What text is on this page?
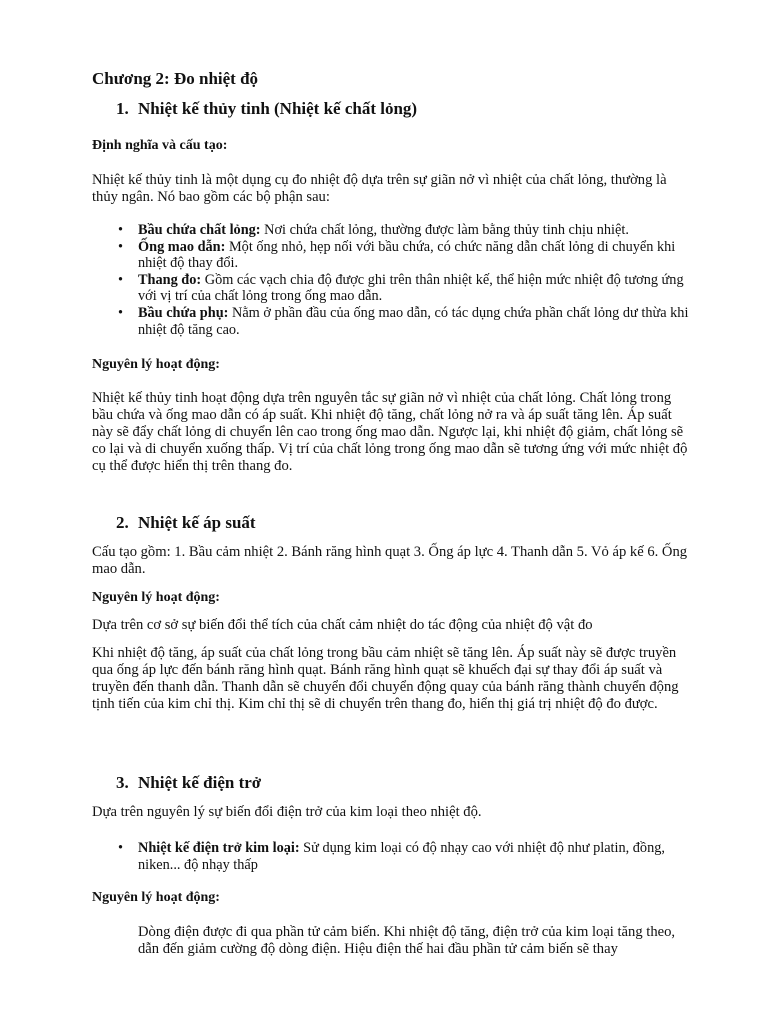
Chương 2: Đo nhiệt độ
1. Nhiệt kế thủy tinh (Nhiệt kế chất lỏng)

Định nghĩa và cấu tạo:

Nhiệt kế thủy tinh là một dụng cụ đo nhiệt độ dựa trên sự giãn nở vì nhiệt của chất lỏng, thường là thủy ngân. Nó bao gồm các bộ phận sau:

• Bầu chứa chất lỏng: Nơi chứa chất lỏng, thường được làm bằng thủy tinh chịu nhiệt.
• Ống mao dẫn: Một ống nhỏ, hẹp nối với bầu chứa, có chức năng dẫn chất lỏng di chuyển khi nhiệt độ thay đổi.
• Thang đo: Gồm các vạch chia độ được ghi trên thân nhiệt kế, thể hiện mức nhiệt độ tương ứng với vị trí của chất lỏng trong ống mao dẫn.
• Bầu chứa phụ: Nằm ở phần đầu của ống mao dẫn, có tác dụng chứa phần chất lỏng dư thừa khi nhiệt độ tăng cao.

Nguyên lý hoạt động:

Nhiệt kế thủy tinh hoạt động dựa trên nguyên tắc sự giãn nở vì nhiệt của chất lỏng. Chất lỏng trong bầu chứa và ống mao dẫn có áp suất. Khi nhiệt độ tăng, chất lỏng nở ra và áp suất tăng lên. Áp suất này sẽ đẩy chất lỏng di chuyển lên cao trong ống mao dẫn. Ngược lại, khi nhiệt độ giảm, chất lỏng sẽ co lại và di chuyển xuống thấp. Vị trí của chất lỏng trong ống mao dẫn sẽ tương ứng với mức nhiệt độ cụ thể được hiển thị trên thang đo.

2. Nhiệt kế áp suất

Cấu tạo gồm: 1. Bầu cảm nhiệt 2. Bánh răng hình quạt 3. Ống áp lực 4. Thanh dẫn 5. Vỏ áp kế 6. Ống mao dẫn.

Nguyên lý hoạt động:

Dựa trên cơ sở sự biến đổi thể tích của chất cảm nhiệt do tác động của nhiệt độ vật đo

Khi nhiệt độ tăng, áp suất của chất lỏng trong bầu cảm nhiệt sẽ tăng lên. Áp suất này sẽ được truyền qua ống áp lực đến bánh răng hình quạt. Bánh răng hình quạt sẽ khuếch đại sự thay đổi áp suất và truyền đến thanh dẫn. Thanh dẫn sẽ chuyển đổi chuyển động quay của bánh răng thành chuyển động tịnh tiến của kim chỉ thị. Kim chỉ thị sẽ di chuyển trên thang đo, hiển thị giá trị nhiệt độ đo được.

3. Nhiệt kế điện trở

Dựa trên nguyên lý sự biến đổi điện trở của kim loại theo nhiệt độ.

• Nhiệt kế điện trở kim loại: Sử dụng kim loại có độ nhạy cao với nhiệt độ như platin, đồng, niken... độ nhạy thấp

Nguyên lý hoạt động:

Dòng điện được đi qua phần tử cảm biến. Khi nhiệt độ tăng, điện trở của kim loại tăng theo, dẫn đến giảm cường độ dòng điện. Hiệu điện thế hai đầu phần tử cảm biến sẽ thay
